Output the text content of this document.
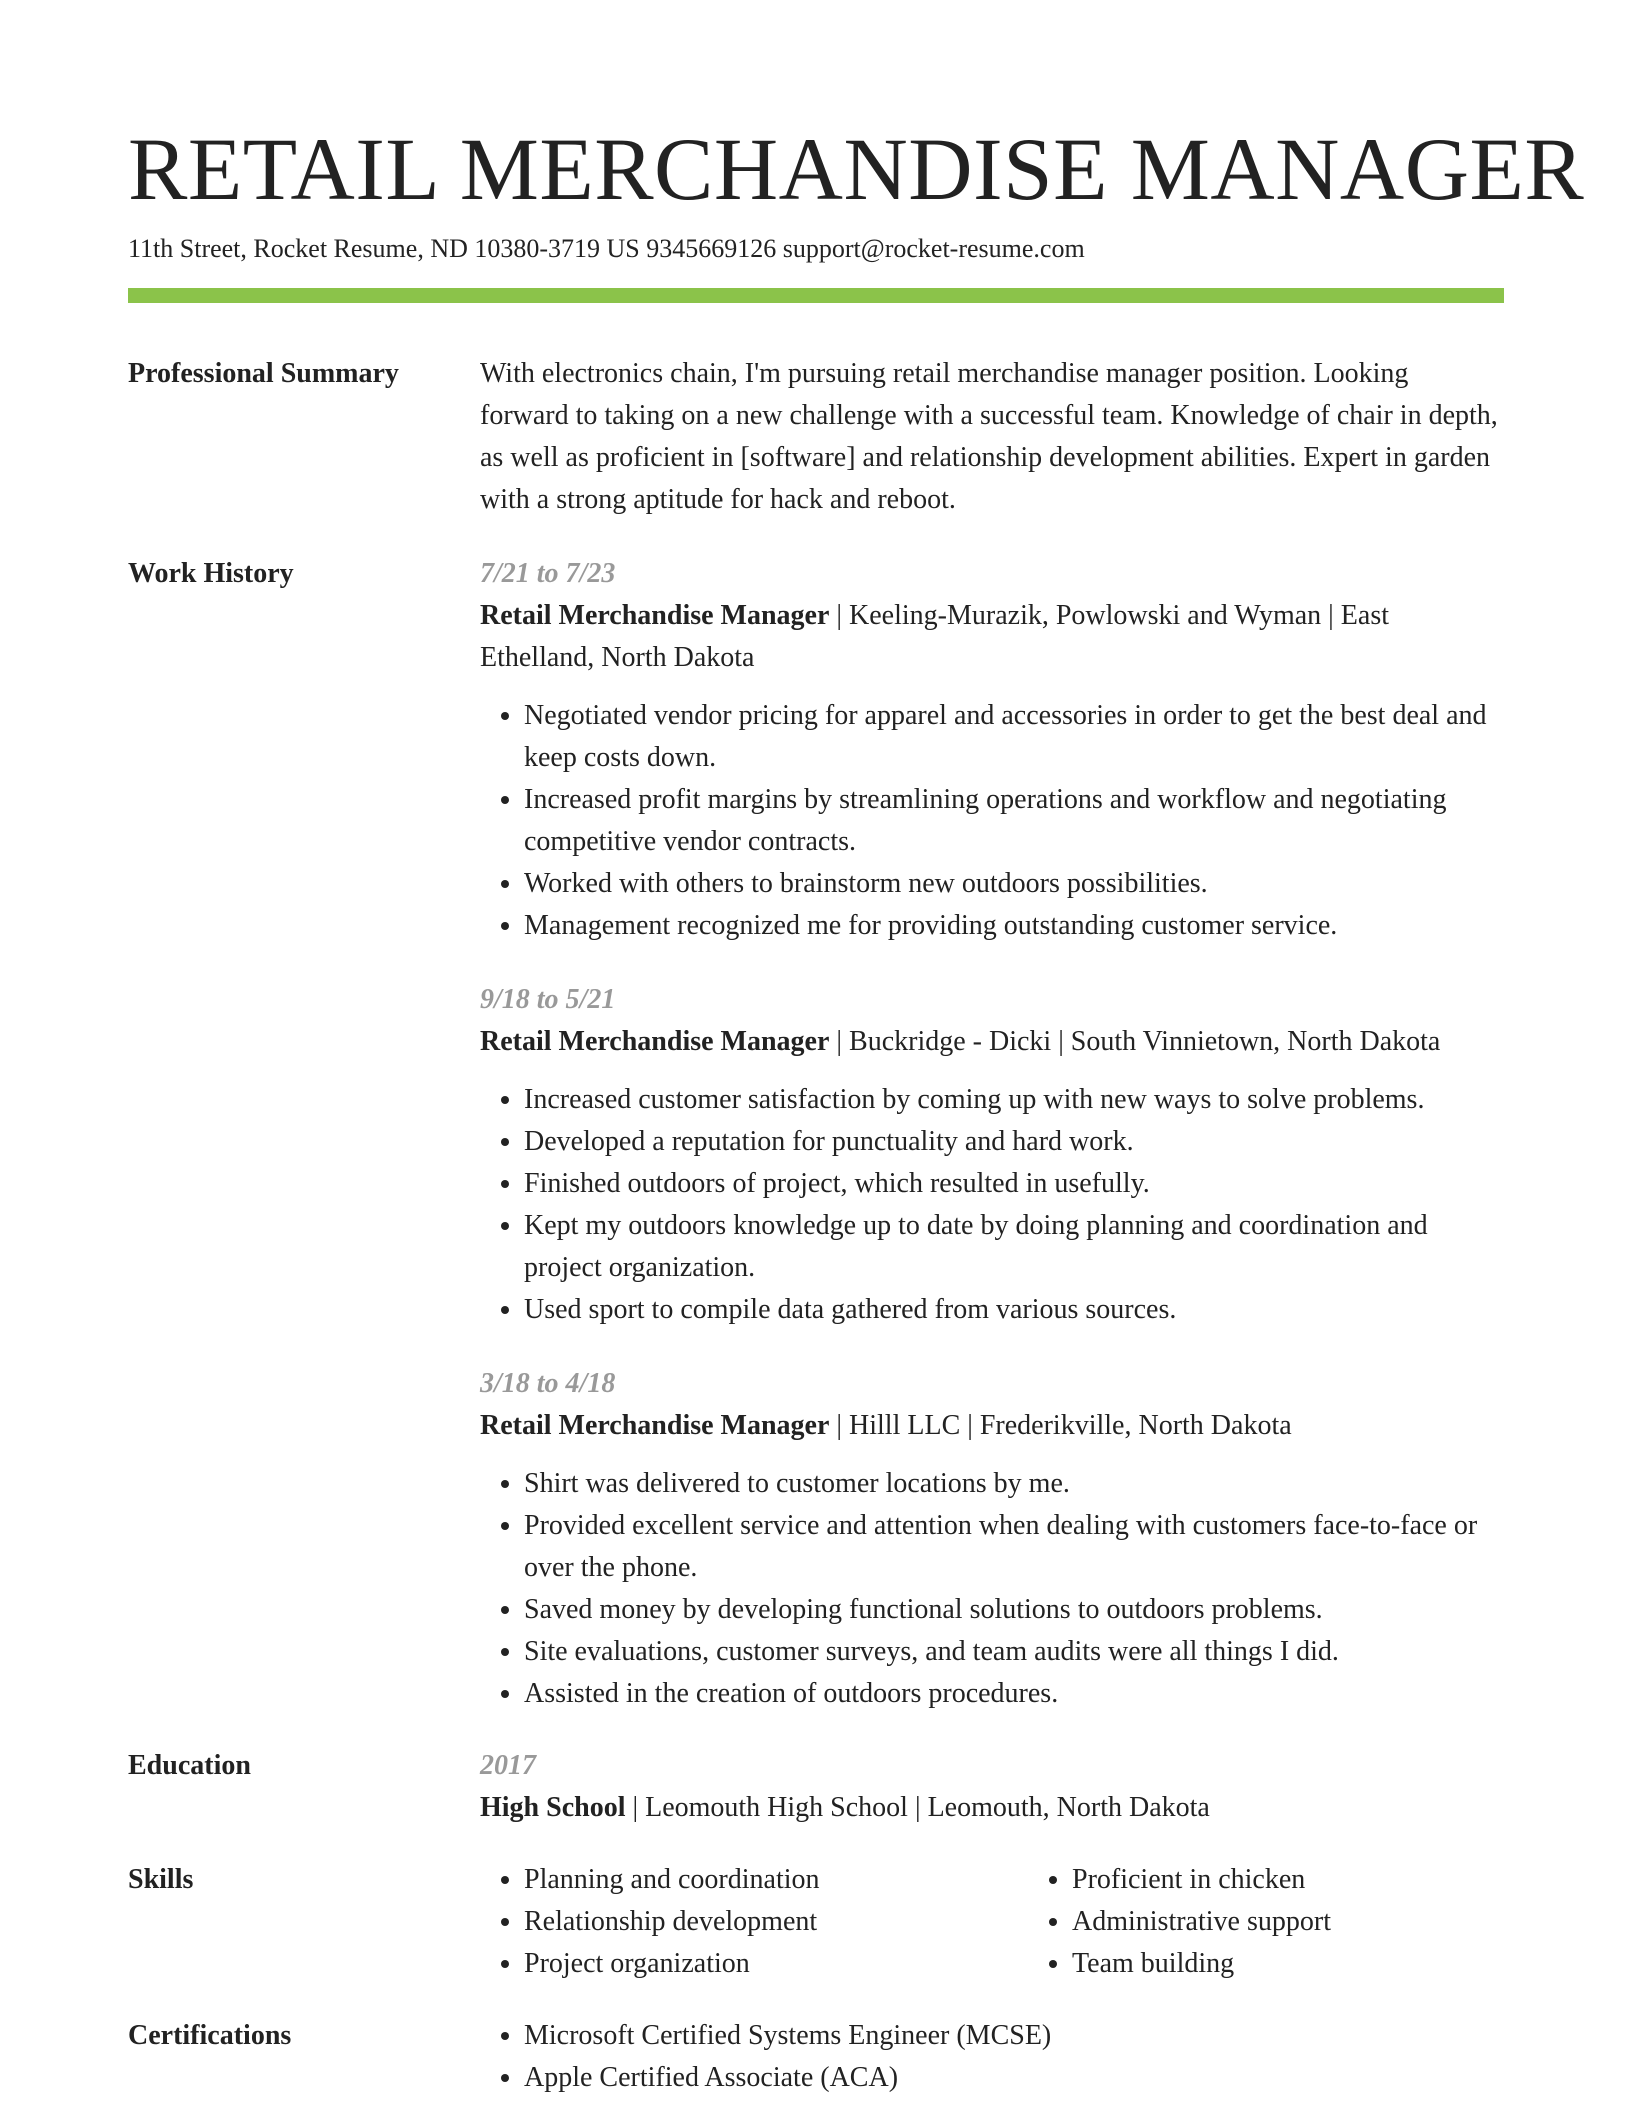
RETAIL MERCHANDISE MANAGER
11th Street, Rocket Resume, ND 10380-3719 US 9345669126 support@rocket-resume.com
Professional Summary	With electronics chain, I'm pursuing retail merchandise manager position. Looking forward to taking on a new challenge with a successful team. Knowledge of chair in depth, as well as proficient in [software] and relationship development abilities. Expert in garden with a strong aptitude for hack and reboot.
Work History	7/21 to 7/23
Retail Merchandise Manager | Keeling-Murazik, Powlowski and Wyman | East Ethelland, North Dakota
• Negotiated vendor pricing for apparel and accessories in order to get the best deal and keep costs down.
• Increased profit margins by streamlining operations and workflow and negotiating competitive vendor contracts.
• Worked with others to brainstorm new outdoors possibilities.
• Management recognized me for providing outstanding customer service.
9/18 to 5/21
Retail Merchandise Manager | Buckridge - Dicki | South Vinnietown, North Dakota
• Increased customer satisfaction by coming up with new ways to solve problems.
• Developed a reputation for punctuality and hard work.
• Finished outdoors of project, which resulted in usefully.
• Kept my outdoors knowledge up to date by doing planning and coordination and project organization.
• Used sport to compile data gathered from various sources.
3/18 to 4/18
Retail Merchandise Manager | Hilll LLC | Frederikville, North Dakota
• Shirt was delivered to customer locations by me.
• Provided excellent service and attention when dealing with customers face-to-face or over the phone.
• Saved money by developing functional solutions to outdoors problems.
• Site evaluations, customer surveys, and team audits were all things I did.
• Assisted in the creation of outdoors procedures.
Education	2017
High School | Leomouth High School | Leomouth, North Dakota
Skills	• Planning and coordination
• Relationship development
• Project organization
• Proficient in chicken
• Administrative support
• Team building
Certifications	• Microsoft Certified Systems Engineer (MCSE)
• Apple Certified Associate (ACA)
